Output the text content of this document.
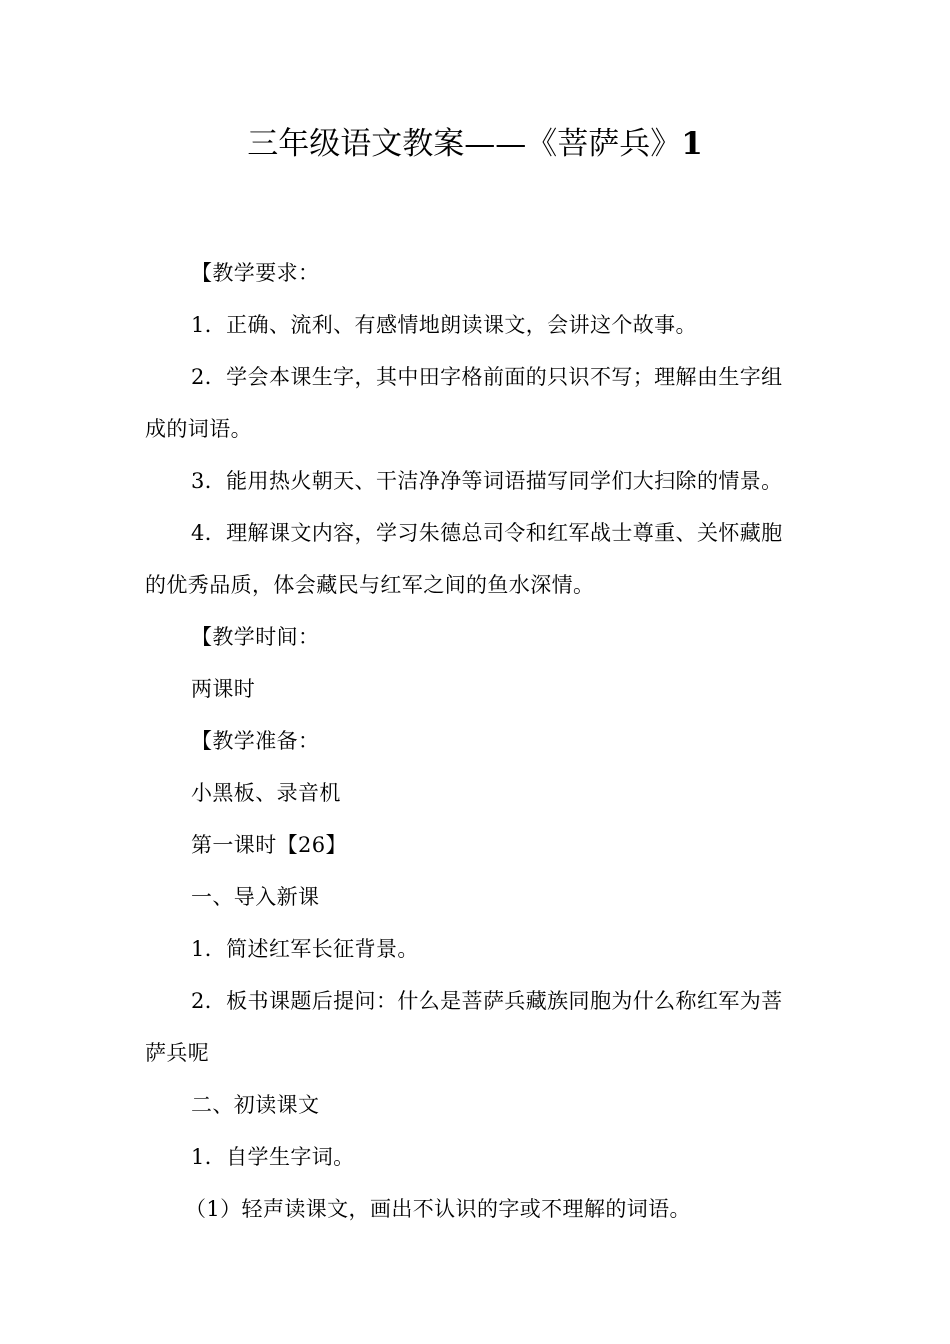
三年级语文教案——《菩萨兵》1
【教学要求：
1．正确、流利、有感情地朗读课文，会讲这个故事。
2．学会本课生字，其中田字格前面的只识不写；理解由生字组
成的词语。
3．能用热火朝天、干洁净净等词语描写同学们大扫除的情景。
4．理解课文内容，学习朱德总司令和红军战士尊重、关怀藏胞
的优秀品质，体会藏民与红军之间的鱼水深情。
【教学时间：
两课时
【教学准备：
小黑板、录音机
第一课时【26】
一、导入新课
1．简述红军长征背景。
2．板书课题后提问：什么是菩萨兵藏族同胞为什么称红军为菩
萨兵呢
二、初读课文
1．自学生字词。
（1）轻声读课文，画出不认识的字或不理解的词语。
